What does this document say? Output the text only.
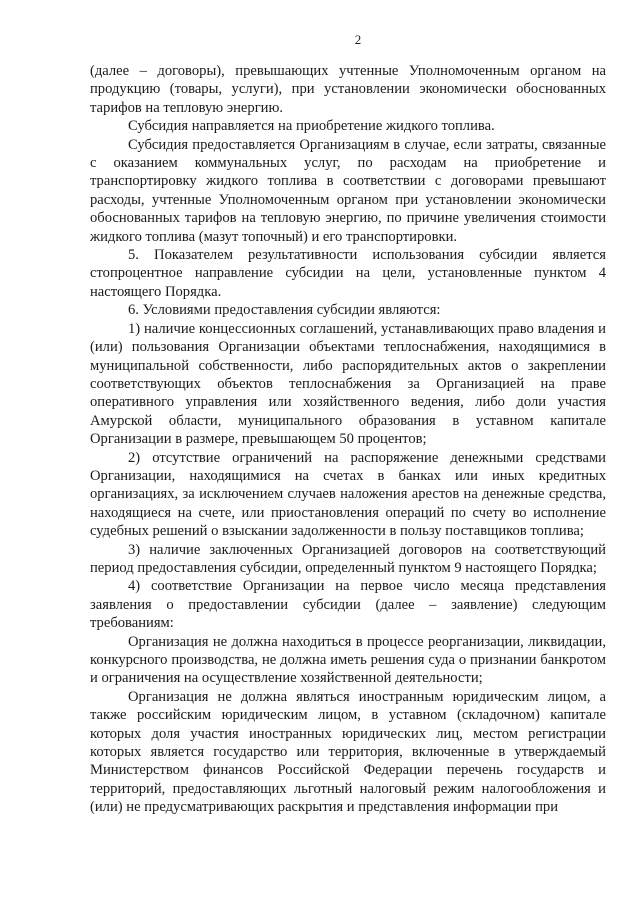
2

(далее – договоры), превышающих учтенные Уполномоченным органом на продукцию (товары, услуги), при установлении экономически обоснованных тарифов на тепловую энергию.

Субсидия направляется на приобретение жидкого топлива.

Субсидия предоставляется Организациям в случае, если затраты, связанные с оказанием коммунальных услуг, по расходам на приобретение и транспортировку жидкого топлива в соответствии с договорами превышают расходы, учтенные Уполномоченным органом при установлении экономически обоснованных тарифов на тепловую энергию, по причине увеличения стоимости жидкого топлива (мазут топочный) и его транспортировки.

5. Показателем результативности использования субсидии является стопроцентное направление субсидии на цели, установленные пунктом 4 настоящего Порядка.

6. Условиями предоставления субсидии являются:

1) наличие концессионных соглашений, устанавливающих право владения и (или) пользования Организации объектами теплоснабжения, находящимися в муниципальной собственности, либо распорядительных актов о закреплении соответствующих объектов теплоснабжения за Организацией на праве оперативного управления или хозяйственного ведения, либо доли участия Амурской области, муниципального образования в уставном капитале Организации в размере, превышающем 50 процентов;

2) отсутствие ограничений на распоряжение денежными средствами Организации, находящимися на счетах в банках или иных кредитных организациях, за исключением случаев наложения арестов на денежные средства, находящиеся на счете, или приостановления операций по счету во исполнение судебных решений о взыскании задолженности в пользу поставщиков топлива;

3) наличие заключенных Организацией договоров на соответствующий период предоставления субсидии, определенный пунктом 9 настоящего Порядка;

4) соответствие Организации на первое число месяца представления заявления о предоставлении субсидии (далее – заявление) следующим требованиям:

Организация не должна находиться в процессе реорганизации, ликвидации, конкурсного производства, не должна иметь решения суда о признании банкротом и ограничения на осуществление хозяйственной деятельности;

Организация не должна являться иностранным юридическим лицом, а также российским юридическим лицом, в уставном (складочном) капитале которых доля участия иностранных юридических лиц, местом регистрации которых является государство или территория, включенные в утверждаемый Министерством финансов Российской Федерации перечень государств и территорий, предоставляющих льготный налоговый режим налогообложения и (или) не предусматривающих раскрытия и представления информации при
